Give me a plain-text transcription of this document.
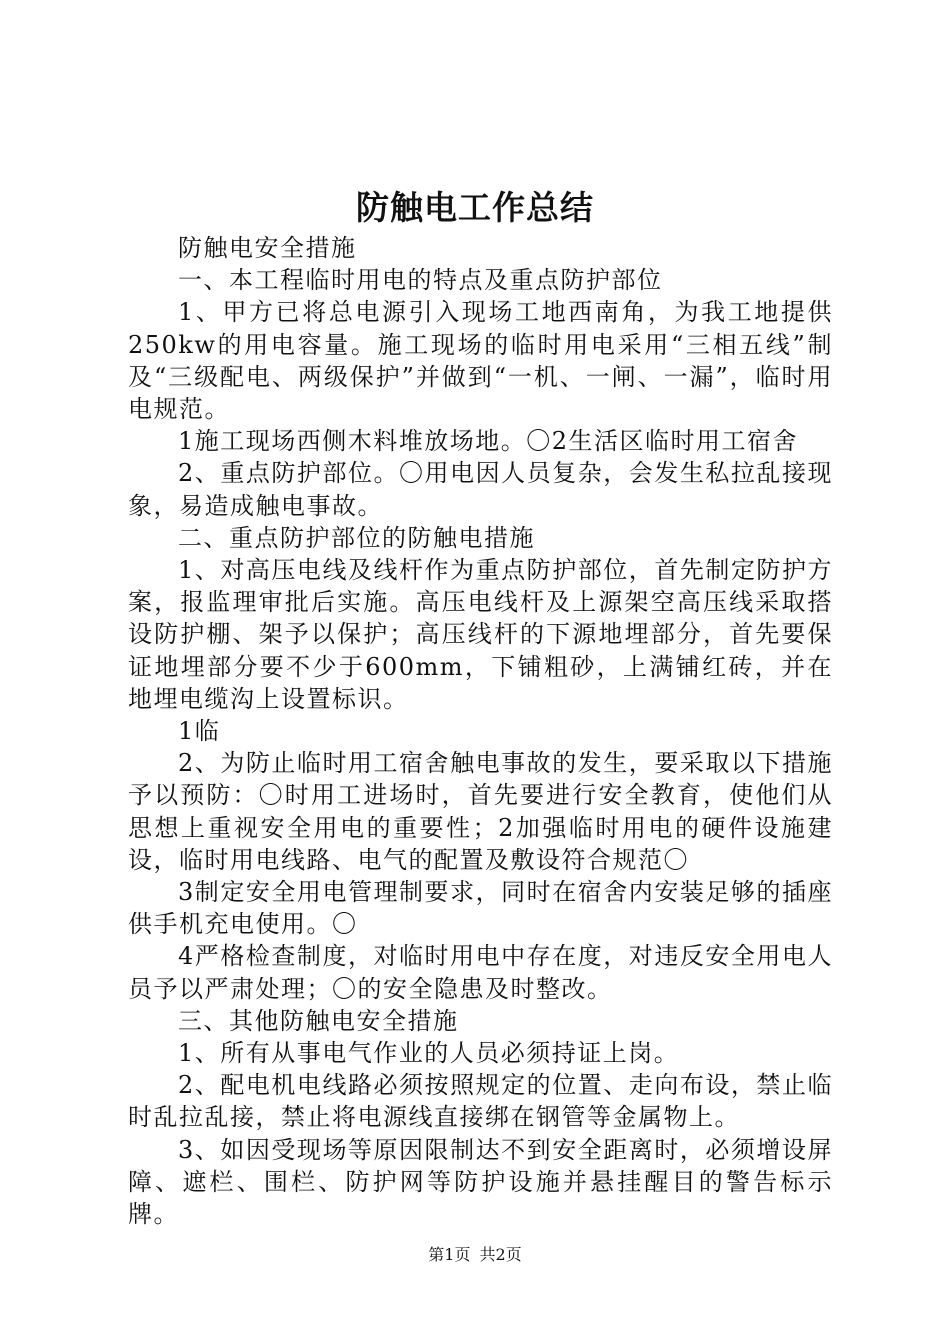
防触电工作总结

防触电安全措施

一、本工程临时用电的特点及重点防护部位

1、甲方已将总电源引入现场工地西南角，为我工地提供250kw的用电容量。施工现场的临时用电采用“三相五线”制及“三级配电、两级保护”并做到“一机、一闸、一漏”，临时用电规范。

1施工现场西侧木料堆放场地。〇2生活区临时用工宿舍

2、重点防护部位。〇用电因人员复杂，会发生私拉乱接现象，易造成触电事故。

二、重点防护部位的防触电措施

1、对高压电线及线杆作为重点防护部位，首先制定防护方案，报监理审批后实施。高压电线杆及上源架空高压线采取搭设防护棚、架予以保护；高压线杆的下源地埋部分，首先要保证地埋部分要不少于600mm，下铺粗砂，上满铺红砖，并在地埋电缆沟上设置标识。

1临

2、为防止临时用工宿舍触电事故的发生，要采取以下措施予以预防：〇时用工进场时，首先要进行安全教育，使他们从思想上重视安全用电的重要性；2加强临时用电的硬件设施建设，临时用电线路、电气的配置及敷设符合规范〇

3制定安全用电管理制要求，同时在宿舍内安装足够的插座供手机充电使用。〇

4严格检查制度，对临时用电中存在度，对违反安全用电人员予以严肃处理；〇的安全隐患及时整改。

三、其他防触电安全措施

1、所有从事电气作业的人员必须持证上岗。

2、配电机电线路必须按照规定的位置、走向布设，禁止临时乱拉乱接，禁止将电源线直接绑在钢管等金属物上。

3、如因受现场等原因限制达不到安全距离时，必须增设屏障、遮栏、围栏、防护网等防护设施并悬挂醒目的警告标示牌。

第1页 共2页
